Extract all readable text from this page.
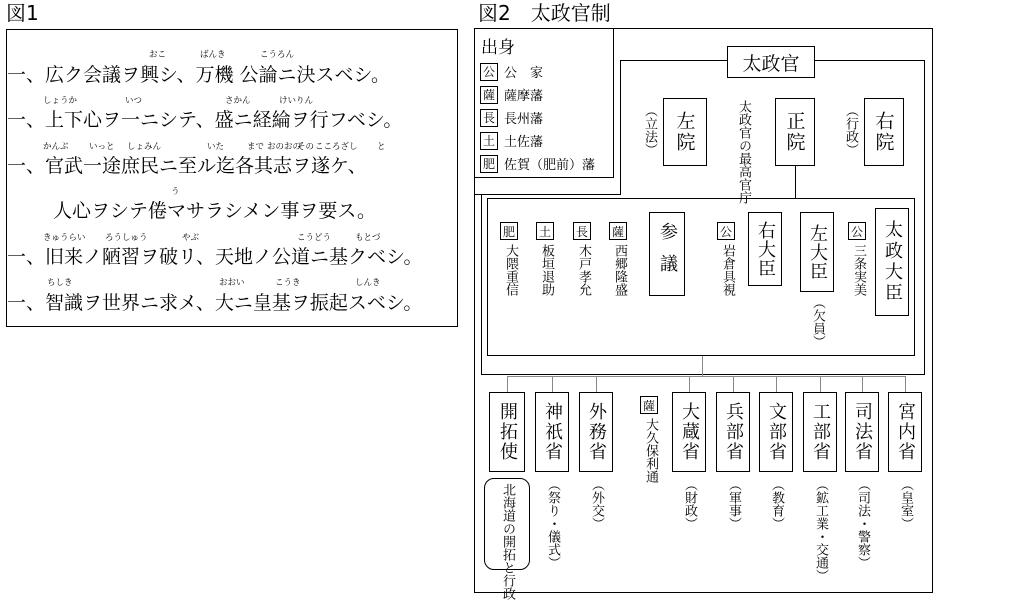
図1
おこ	ばんき	こうろん
一、広ク会議ヲ興シ、万機 公論ニ決スベシ。
しょうか	いつ	さかん	けいりん
一、上下心ヲ一ニシテ、盛ニ経綸ヲ行フベシ。
かんぶ いっと しょみん	いた	まで おのおの
その こころざし と
一、官武一途庶民ニ至ル迄各其志ヲ遂ケ、
う
人心ヲシテ倦マサラシメン事ヲ要ス。
きゅうらい ろうしゅう	やぶ	こうどう	もとづ
一、旧来ノ陋習ヲ破リ、天地ノ公道ニ基クベシ。
ちしき	おおい	こうき	しんき
一、智識ヲ世界ニ求メ、大ニ皇基ヲ振起スベシ。
図2　太政官制
出身
公 公　家
薩 薩摩藩
長 長州藩
土 土佐藩
肥 佐賀（肥前）藩
太政官
（立法） 左院	太政官の最高官庁	正院	（行政） 右院
肥
大隈重信
土
板垣退助
長
木戸孝允
薩
西郷隆盛	参議	公
岩倉具視	右大臣	左大臣
（欠員）
公
三条実美 太政大臣
開拓使
北海道の開拓と行政
神祇省
（祭り・儀式）
外務省
（外交）
薩
大久保利通	大蔵省
（財政）
兵部省
（軍事）
文部省
（教育）
工部省
（鉱工業・交通）
司法省
（司法・警察）
宮内省
（皇室）
